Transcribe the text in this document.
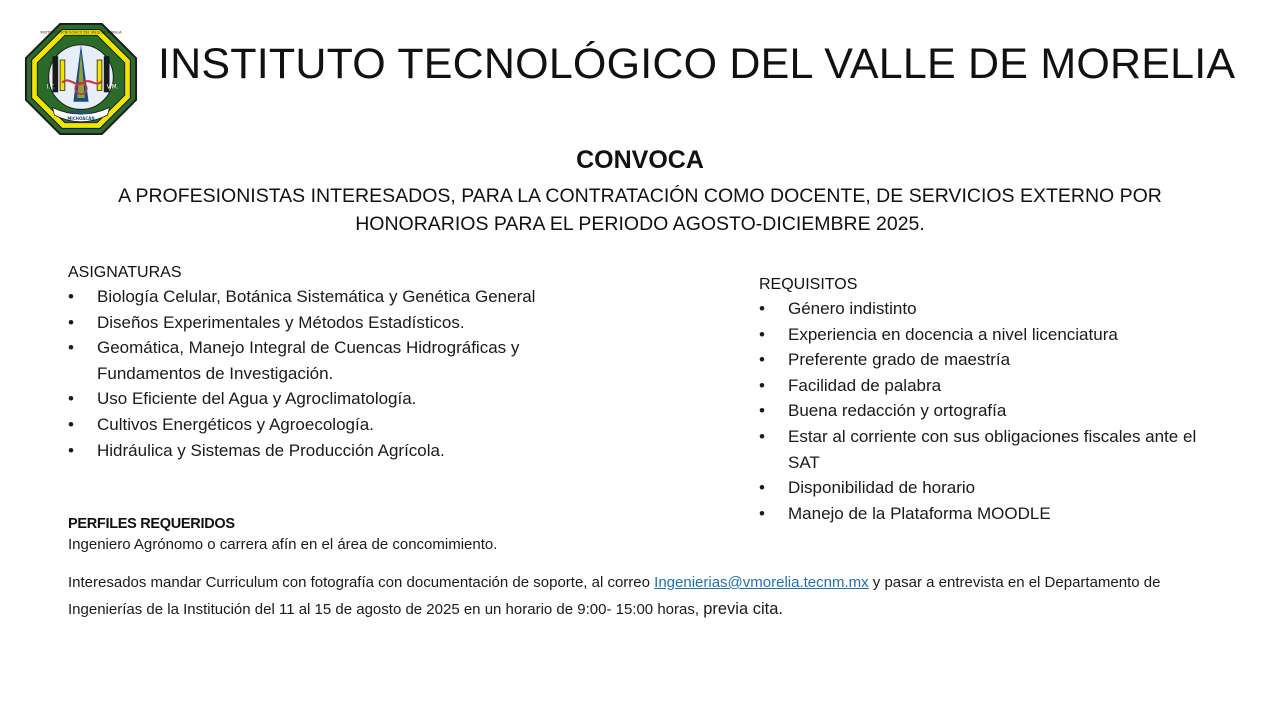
I.T.	V.M.
MORELIA
MICHOACÁN
INSTITUTO TECNOLÓGICO DEL VALLE DE MORELIA
INSTITUTO TECNOLÓGICO DEL VALLE DE MORELIA
CONVOCA
A PROFESIONISTAS INTERESADOS, PARA LA CONTRATACIÓN COMO DOCENTE, DE SERVICIOS EXTERNO POR HONORARIOS PARA EL PERIODO AGOSTO-DICIEMBRE 2025.
ASIGNATURAS
• Biología Celular, Botánica Sistemática y Genética General
• Diseños Experimentales y Métodos Estadísticos.
• Geomática, Manejo Integral de Cuencas Hidrográficas y Fundamentos de Investigación.
• Uso Eficiente del Agua y Agroclimatología.
• Cultivos Energéticos y Agroecología.
• Hidráulica y Sistemas de Producción Agrícola.
REQUISITOS
• Género indistinto
• Experiencia en docencia a nivel licenciatura
• Preferente grado de maestría
• Facilidad de palabra
• Buena redacción y ortografía
• Estar al corriente con sus obligaciones fiscales ante el SAT
• Disponibilidad de horario
• Manejo de la Plataforma MOODLE
PERFILES REQUERIDOS
Ingeniero Agrónomo o carrera afín en el área de concomimiento.
Interesados mandar Curriculum con fotografía con documentación de soporte, al correo Ingenierias@vmorelia.tecnm.mx y pasar a entrevista en el Departamento de Ingenierías de la Institución del 11 al 15 de agosto de 2025 en un horario de 9:00- 15:00 horas, previa cita.
